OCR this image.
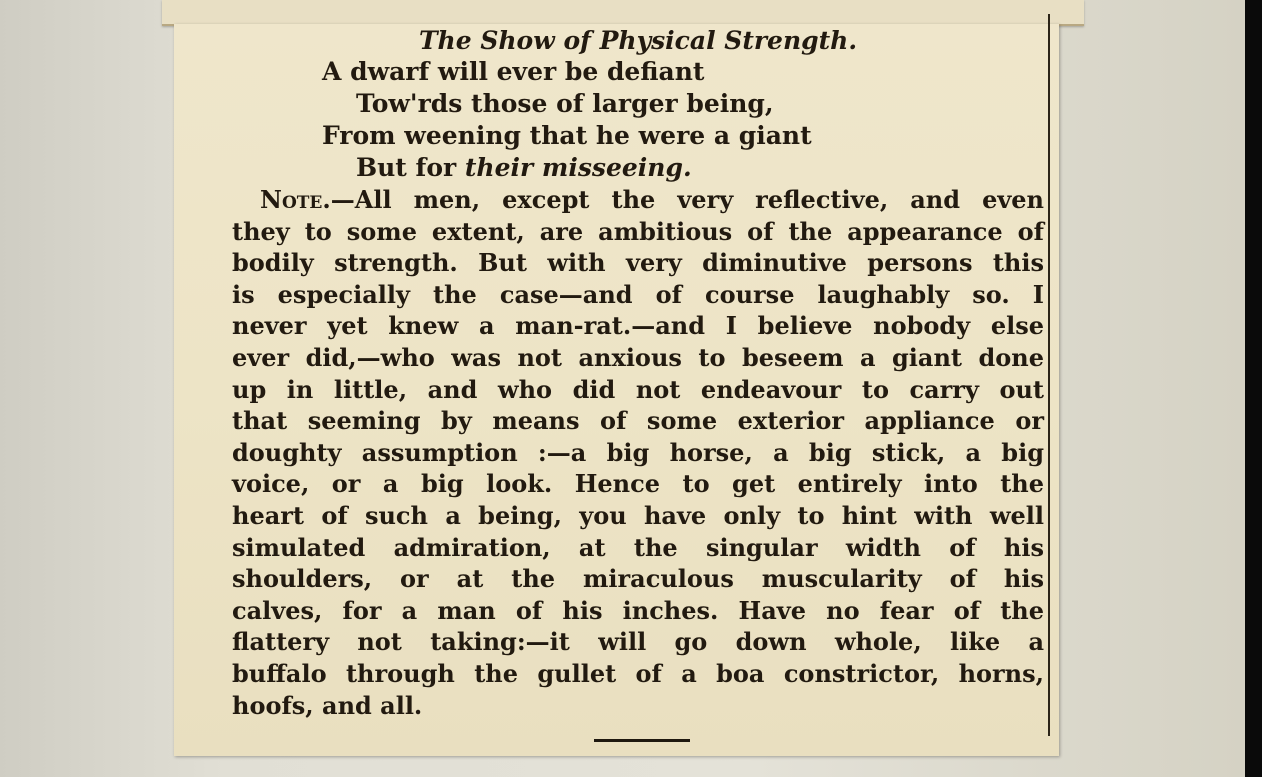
The Show of Physical Strength.
A dwarf will ever be defiant
Tow'rds those of larger being,
From weening that he were a giant
But for their misseeing.
Note.—All men, except the very reflective, and even
they to some extent, are ambitious of the appearance of
bodily strength. But with very diminutive persons this
is especially the case—and of course laughably so. I
never yet knew a man-rat.—and I believe nobody else
ever did,—who was not anxious to beseem a giant done
up in little, and who did not endeavour to carry out
that seeming by means of some exterior appliance or
doughty assumption :—a big horse, a big stick, a big
voice, or a big look. Hence to get entirely into the
heart of such a being, you have only to hint with well
simulated admiration, at the singular width of his
shoulders, or at the miraculous muscularity of his
calves, for a man of his inches. Have no fear of the
flattery not taking:—it will go down whole, like a
buffalo through the gullet of a boa constrictor, horns,
hoofs, and all.
